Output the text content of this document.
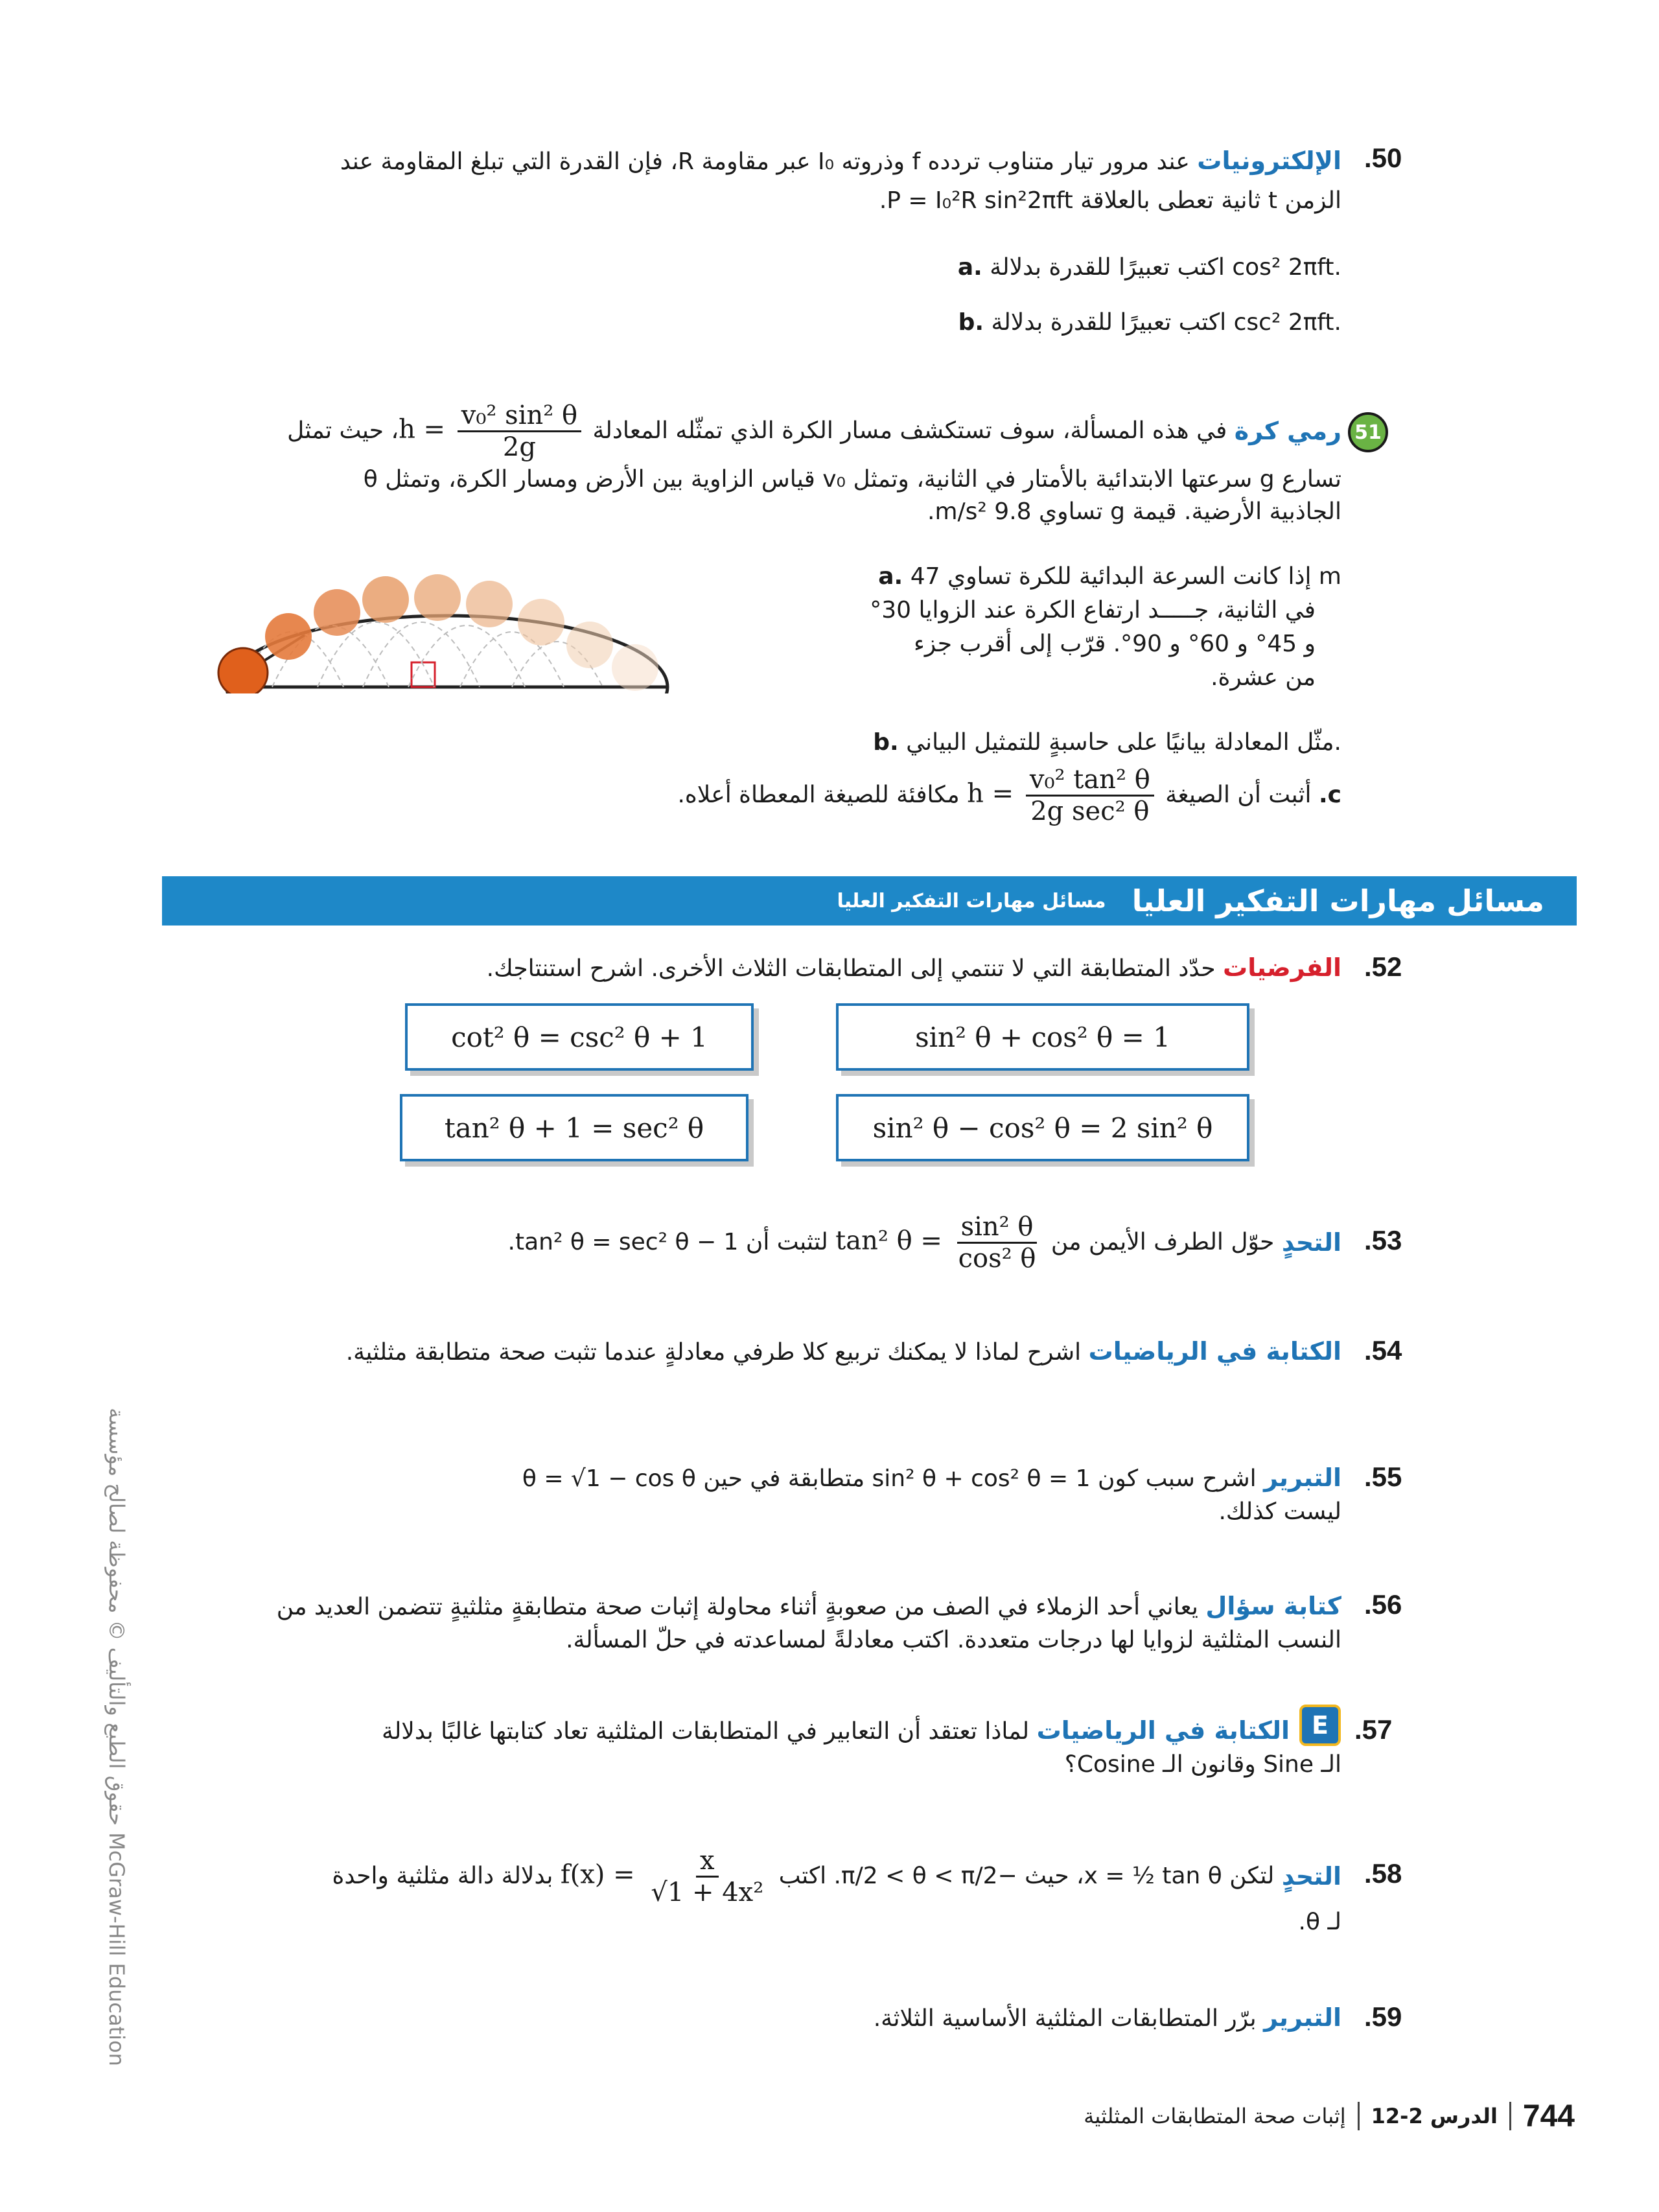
.50
الإلكترونيات عند مرور تيار متناوب تردده f وذروته I₀ عبر مقاومة R، فإن القدرة التي تبلغ المقاومة عند
الزمن t ثانية تعطى بالعلاقة P = I₀²R sin²2πft.
a. اكتب تعبيرًا للقدرة بدلالة cos² 2πft.
b. اكتب تعبيرًا للقدرة بدلالة csc² 2πft.
51
رمي كرة

في هذه المسألة، سوف تستكشف مسار الكرة الذي تمثّله المعادلة

$h = \frac{\text{v₀² sin² θ}}{2g}$
، حيث تمثل
θ قياس الزاوية بين الأرض ومسار الكرة، وتمثل v₀ سرعتها الابتدائية بالأمتار في الثانية، وتمثل g تسارع
الجاذبية الأرضية. قيمة g تساوي 9.8 m/s².
a. إذا كانت السرعة البدائية للكرة تساوي 47 m
في الثانية، جـــــد ارتفاع الكرة عند الزوايا 30°
و 45° و 60° و 90°. قرّب إلى أقرب جزء
من عشرة.
b. مثّل المعادلة بيانيًا على حاسبةٍ للتمثيل البياني.
c.

أثبت أن الصيغة

$h = \frac{\text{v₀² tan² θ}}{\text{2g sec² θ}}$

مكافئة للصيغة المعطاة أعلاه.
مسائل مهارات التفكير العليا
مسائل مهارات التفكير العليا
.52
الفرضيات حدّد المتطابقة التي لا تنتمي إلى المتطابقات الثلاث الأخرى. اشرح استنتاجك.
sin² θ + cos² θ = 1
cot² θ = csc² θ + 1
sin² θ − cos² θ = 2 sin² θ
tan² θ + 1 = sec² θ
.53
التحدٍ

حوّل الطرف الأيمن من

tan² $\theta = \frac{\text{sin² θ}}{\text{cos² θ}}$

لتثبت أن tan² θ = sec² θ − 1.
.54
الكتابة في الرياضيات اشرح لماذا لا يمكنك تربيع كلا طرفي معادلةٍ عندما تثبت صحة متطابقة مثلثية.
.55
التبرير اشرح سبب كون sin² θ + cos² θ = 1 متطابقة في حين θ = √1 − cos θ
ليست كذلك.
.56
كتابة سؤال يعاني أحد الزملاء في الصف من صعوبةٍ أثناء محاولة إثبات صحة متطابقةٍ مثلثيةٍ تتضمن العديد من
النسب المثلثية لزوايا لها درجات متعددة. اكتب معادلةً لمساعدته في حلّ المسألة.
.57
E
الكتابة في الرياضيات لماذا تعتقد أن التعابير في المتطابقات المثلثية تعاد كتابتها غالبًا بدلالة
الـ Sine وقانون الـ Cosine؟
.58
التحدٍ

لتكن x = ½ tan θ، حيث −π/2 < θ < π/2. اكتب

$f(x) = \frac{x}{\text{√1 + 4x²}}$

بدلالة دالة مثلثية واحدة
لـ θ.
.59
التبرير برّر المتطابقات المثلثية الأساسية الثلاثة.
إثبات صحة المتطابقات المثلثية الدرس 2-12 744
حقوق الطبع والتأليف © محفوظة لصالح مؤسسة McGraw-Hill Education
